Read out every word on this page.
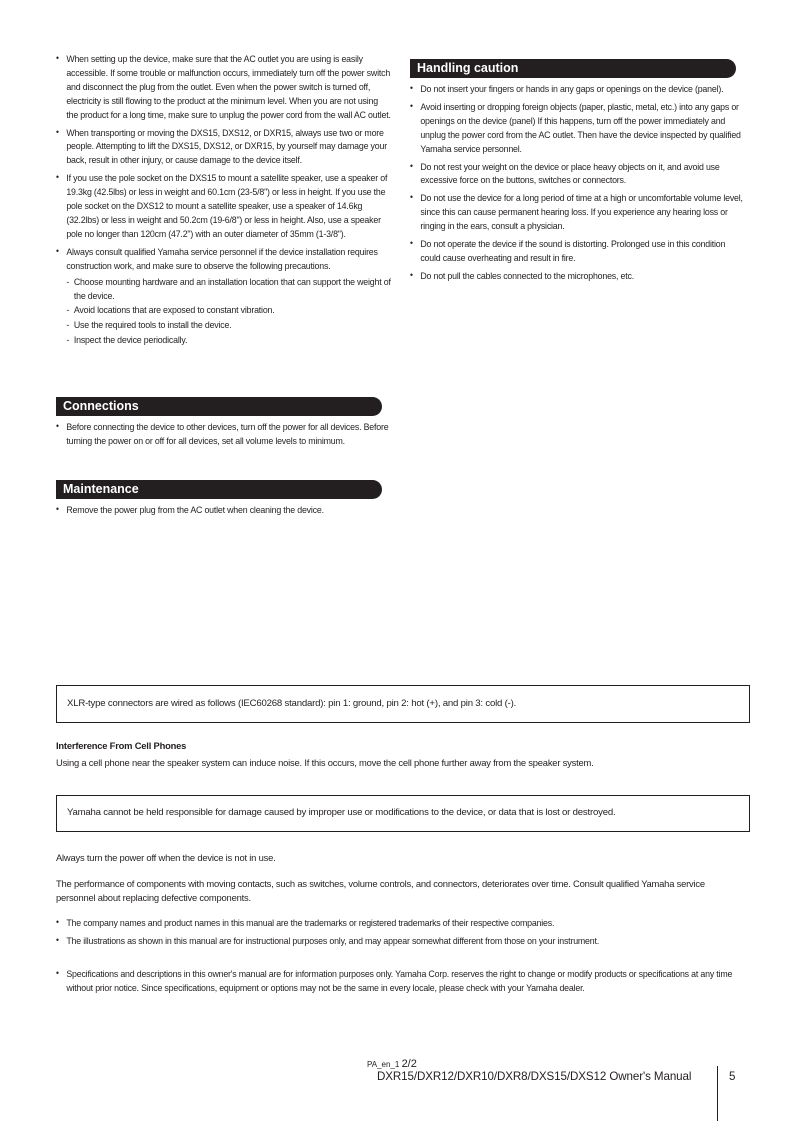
• When setting up the device, make sure that the AC outlet you are using is easily accessible. If some trouble or malfunction occurs, immediately turn off the power switch and disconnect the plug from the outlet. Even when the power switch is turned off, electricity is still flowing to the product at the minimum level. When you are not using the product for a long time, make sure to unplug the power cord from the wall AC outlet.
• When transporting or moving the DXS15, DXS12, or DXR15, always use two or more people. Attempting to lift the DXS15, DXS12, or DXR15, by yourself may damage your back, result in other injury, or cause damage to the device itself.
• If you use the pole socket on the DXS15 to mount a satellite speaker, use a speaker of 19.3kg (42.5lbs) or less in weight and 60.1cm (23-5/8") or less in height. If you use the pole socket on the DXS12 to mount a satellite speaker, use a speaker of 14.6kg (32.2lbs) or less in weight and 50.2cm (19-6/8") or less in height. Also, use a speaker pole no longer than 120cm (47.2") with an outer diameter of 35mm (1-3/8").
• Always consult qualified Yamaha service personnel if the device installation requires construction work, and make sure to observe the following precautions.
- Choose mounting hardware and an installation location that can support the weight of the device.
- Avoid locations that are exposed to constant vibration.
- Use the required tools to install the device.
- Inspect the device periodically.
Connections
• Before connecting the device to other devices, turn off the power for all devices. Before turning the power on or off for all devices, set all volume levels to minimum.
Maintenance
• Remove the power plug from the AC outlet when cleaning the device.
Handling caution
• Do not insert your fingers or hands in any gaps or openings on the device (panel).
• Avoid inserting or dropping foreign objects (paper, plastic, metal, etc.) into any gaps or openings on the device (panel) If this happens, turn off the power immediately and unplug the power cord from the AC outlet. Then have the device inspected by qualified Yamaha service personnel.
• Do not rest your weight on the device or place heavy objects on it, and avoid use excessive force on the buttons, switches or connectors.
• Do not use the device for a long period of time at a high or uncomfortable volume level, since this can cause permanent hearing loss. If you experience any hearing loss or ringing in the ears, consult a physician.
• Do not operate the device if the sound is distorting. Prolonged use in this condition could cause overheating and result in fire.
• Do not pull the cables connected to the microphones, etc.
XLR-type connectors are wired as follows (IEC60268 standard): pin 1: ground, pin 2: hot (+), and pin 3: cold (-).
Interference From Cell Phones
Using a cell phone near the speaker system can induce noise. If this occurs, move the cell phone further away from the speaker system.
Yamaha cannot be held responsible for damage caused by improper use or modifications to the device, or data that is lost or destroyed.
Always turn the power off when the device is not in use.
The performance of components with moving contacts, such as switches, volume controls, and connectors, deteriorates over time. Consult qualified Yamaha service personnel about replacing defective components.
• The company names and product names in this manual are the trademarks or registered trademarks of their respective companies.
• The illustrations as shown in this manual are for instructional purposes only, and may appear somewhat different from those on your instrument.
• Specifications and descriptions in this owner's manual are for information purposes only. Yamaha Corp. reserves the right to change or modify products or specifications at any time without prior notice. Since specifications, equipment or options may not be the same in every locale, please check with your Yamaha dealer.
PA_en_1 2/2
DXR15/DXR12/DXR10/DXR8/DXS15/DXS12 Owner's Manual	5
